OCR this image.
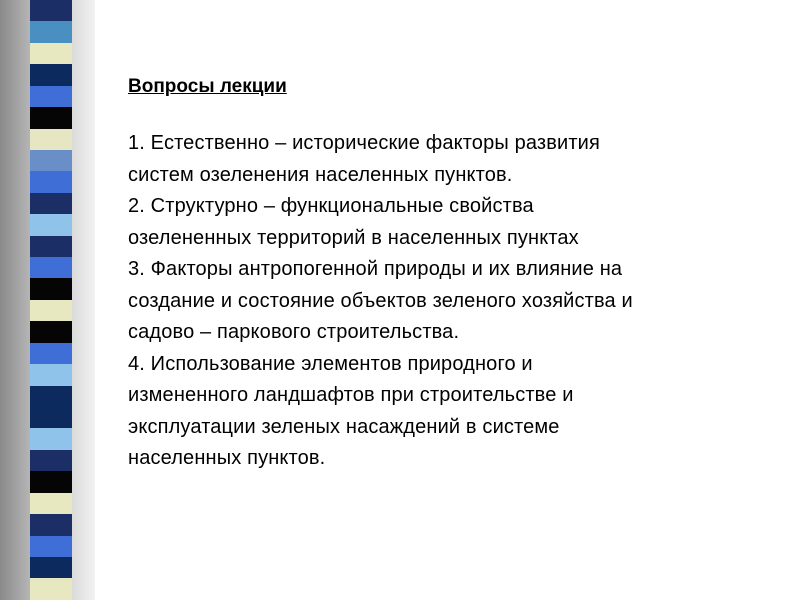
Вопросы лекции
1. Естественно – исторические факторы развития
систем озеленения населенных пунктов.
2. Структурно – функциональные свойства
озелененных территорий в населенных пунктах
3. Факторы антропогенной природы и их влияние на
создание и состояние объектов зеленого хозяйства и
садово – паркового строительства.
4. Использование элементов природного и
измененного ландшафтов при строительстве и
эксплуатации зеленых насаждений в системе
населенных пунктов.
